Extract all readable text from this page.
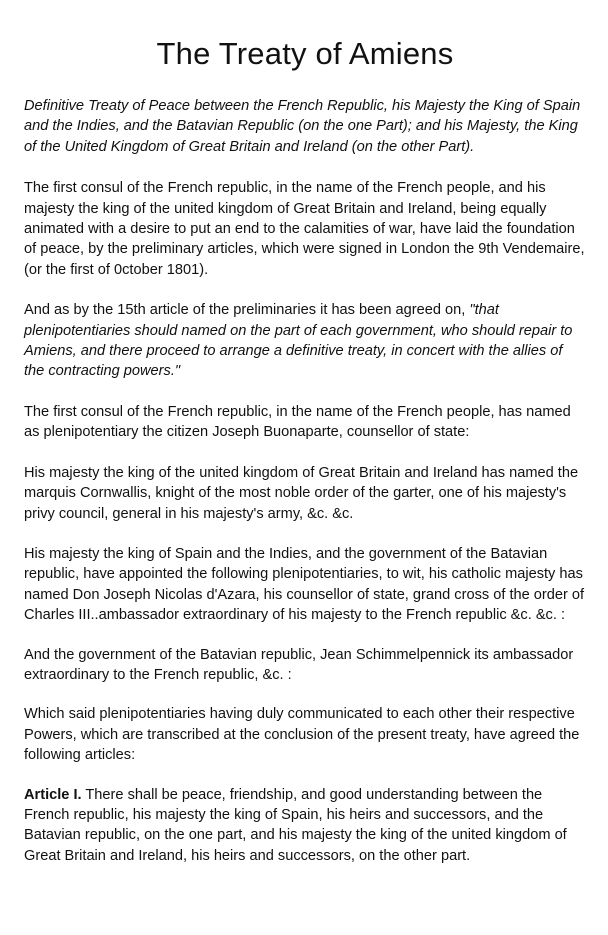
The Treaty of Amiens

Definitive Treaty of Peace between the French Republic, his Majesty the King of Spain and the Indies, and the Batavian Republic (on the one Part); and his Majesty, the King of the United Kingdom of Great Britain and Ireland (on the other Part).

The first consul of the French republic, in the name of the French people, and his majesty the king of the united kingdom of Great Britain and Ireland, being equally animated with a desire to put an end to the calamities of war, have laid the foundation of peace, by the preliminary articles, which were signed in London the 9th Vendemaire, (or the first of 0ctober 1801).

And as by the 15th article of the preliminaries it has been agreed on, "that plenipotentiaries should named on the part of each government, who should repair to Amiens, and there proceed to arrange a definitive treaty, in concert with the allies of the contracting powers."

The first consul of the French republic, in the name of the French people, has named as plenipotentiary the citizen Joseph Buonaparte, counsellor of state:

His majesty the king of the united kingdom of Great Britain and Ireland has named the marquis Cornwallis, knight of the most noble order of the garter, one of his majesty's privy council, general in his majesty's army, &c. &c.

His majesty the king of Spain and the Indies, and the government of the Batavian republic, have appointed the following plenipotentiaries, to wit, his catholic majesty has named Don Joseph Nicolas d'Azara, his counsellor of state, grand cross of the order of Charles III..ambassador extraordinary of his majesty to the French republic &c. &c. :

And the government of the Batavian republic, Jean Schimmelpennick its ambassador extraordinary to the French republic, &c. :

Which said plenipotentiaries having duly communicated to each other their respective Powers, which are transcribed at the conclusion of the present treaty, have agreed the following articles:

Article I. There shall be peace, friendship, and good understanding between the French republic, his majesty the king of Spain, his heirs and successors, and the Batavian republic, on the one part, and his majesty the king of the united kingdom of Great Britain and Ireland, his heirs and successors, on the other part.
